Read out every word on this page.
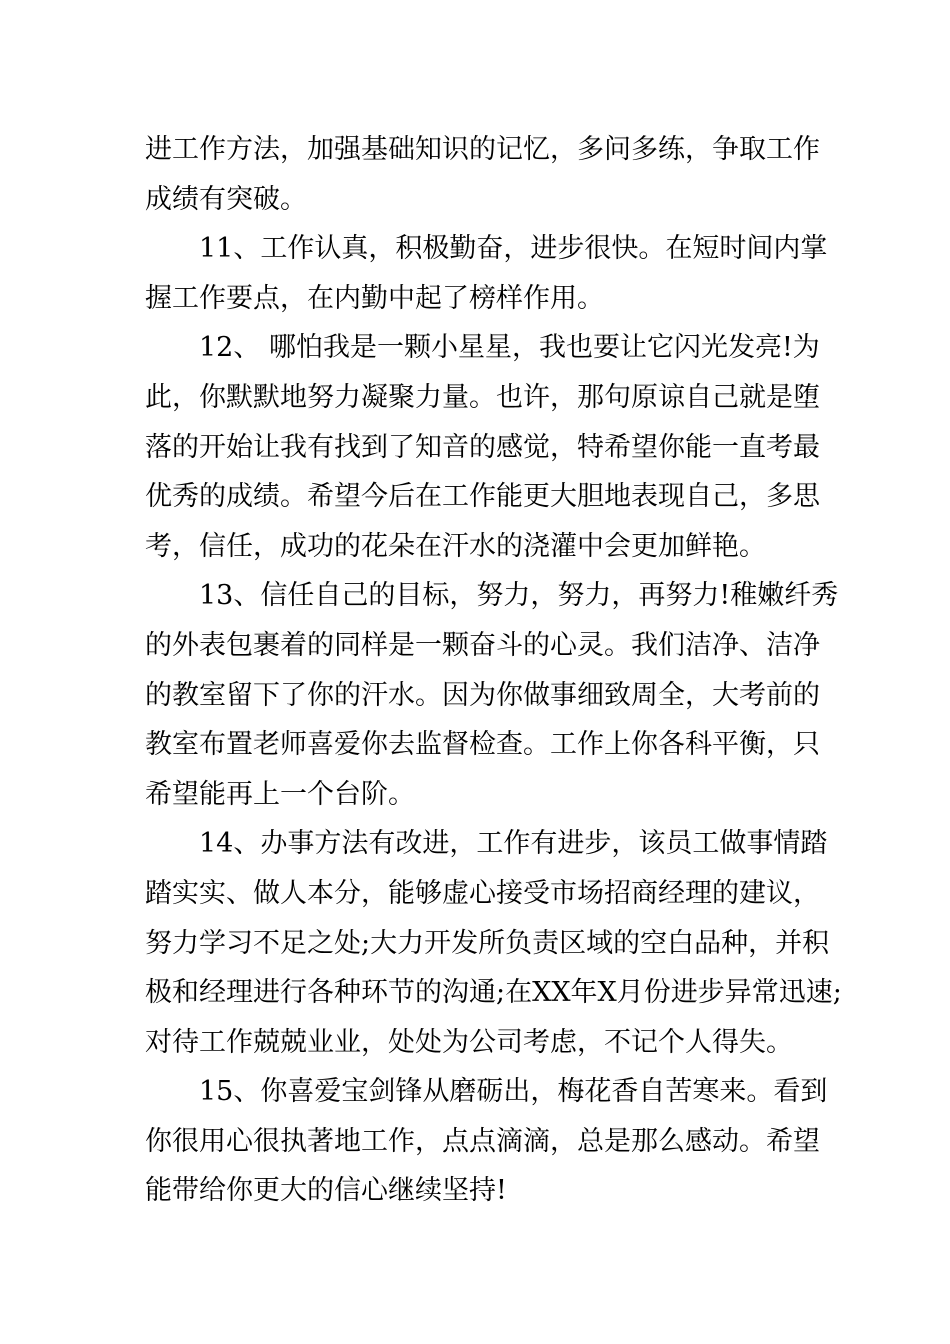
进工作方法，加强基础知识的记忆，多问多练，争取工作
成绩有突破。
11、工作认真，积极勤奋，进步很快。在短时间内掌
握工作要点，在内勤中起了榜样作用。
12、 哪怕我是一颗小星星，我也要让它闪光发亮!为
此，你默默地努力凝聚力量。也许，那句原谅自己就是堕
落的开始让我有找到了知音的感觉，特希望你能一直考最
优秀的成绩。希望今后在工作能更大胆地表现自己，多思
考，信任，成功的花朵在汗水的浇灌中会更加鲜艳。
13、信任自己的目标，努力，努力，再努力!稚嫩纤秀
的外表包裹着的同样是一颗奋斗的心灵。我们洁净、洁净
的教室留下了你的汗水。因为你做事细致周全，大考前的
教室布置老师喜爱你去监督检查。工作上你各科平衡，只
希望能再上一个台阶。
14、办事方法有改进，工作有进步，该员工做事情踏
踏实实、做人本分，能够虚心接受市场招商经理的建议，
努力学习不足之处;大力开发所负责区域的空白品种，并积
极和经理进行各种环节的沟通;在XX年X月份进步异常迅速;
对待工作兢兢业业，处处为公司考虑，不记个人得失。
15、你喜爱宝剑锋从磨砺出，梅花香自苦寒来。看到
你很用心很执著地工作，点点滴滴，总是那么感动。希望
能带给你更大的信心继续坚持!
